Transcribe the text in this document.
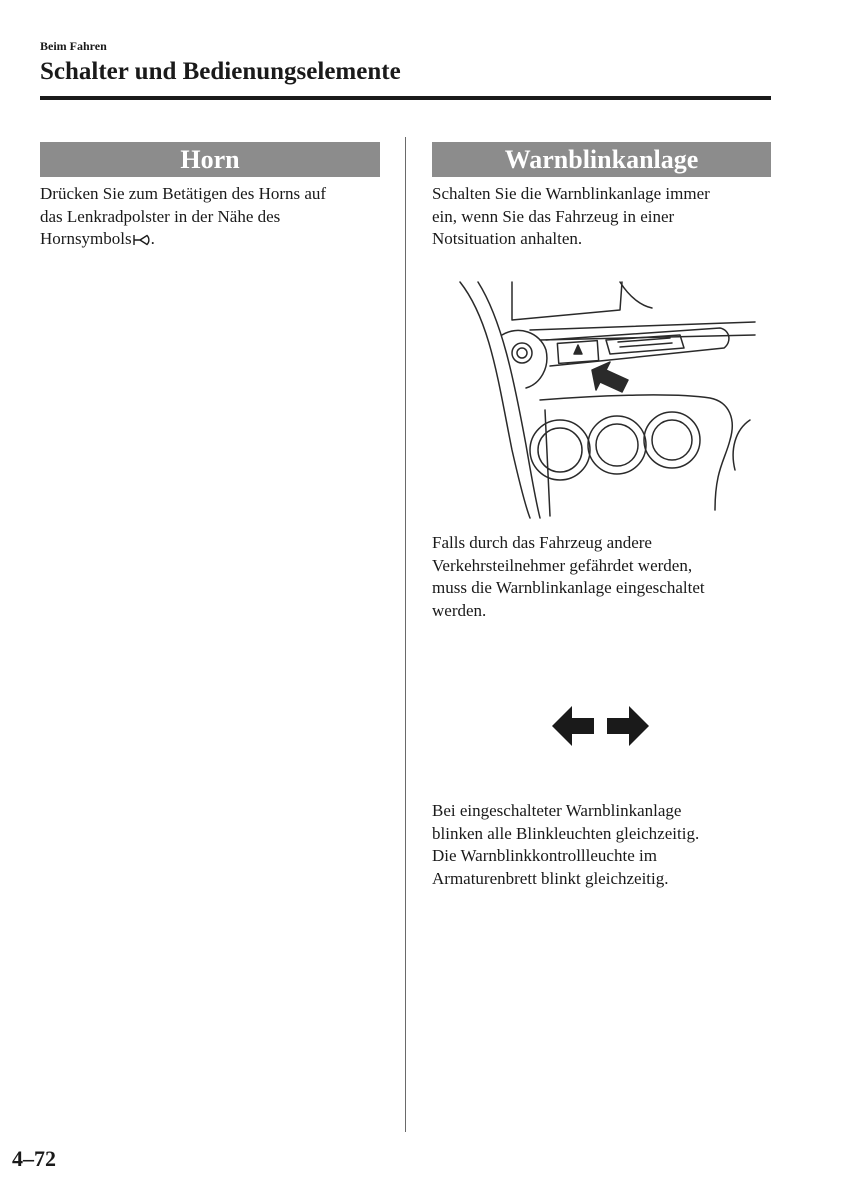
Beim Fahren
Schalter und Bedienungselemente
Horn

Drücken Sie zum Betätigen des Horns auf
das Lenkradpolster in der Nähe des
Hornsymbols .

Warnblinkanlage

Schalten Sie die Warnblinkanlage immer
ein, wenn Sie das Fahrzeug in einer
Notsituation anhalten.

Falls durch das Fahrzeug andere
Verkehrsteilnehmer gefährdet werden,
muss die Warnblinkanlage eingeschaltet
werden.

Bei eingeschalteter Warnblinkanlage
blinken alle Blinkleuchten gleichzeitig.
Die Warnblinkkontrollleuchte im
Armaturenbrett blinkt gleichzeitig.

4–72
